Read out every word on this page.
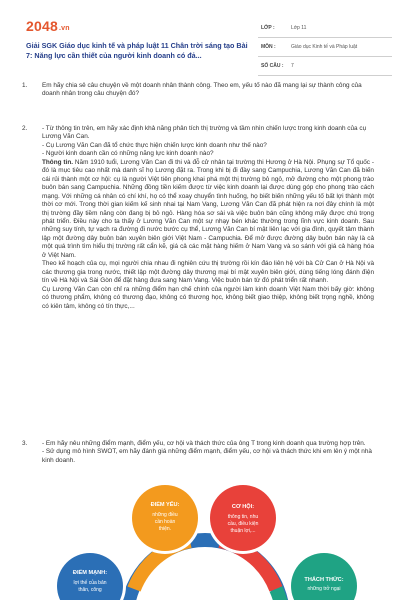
2048.vn
Giải SGK Giáo dục kinh tế và pháp luật 11 Chân trời sáng tạo Bài 7: Năng lực cần thiết của người kinh doanh có đả...
LỚP :	Lớp 11
MÔN :	Giáo dục Kinh tế và Pháp luật
SỐ CÂU : 7
1. Em hãy chia sẻ câu chuyện về một doanh nhân thành công. Theo em, yếu tố nào đã mang lại sự thành công của doanh nhân trong câu chuyện đó?
2. - Từ thông tin trên, em hãy xác định khả năng phân tích thị trường và tầm nhìn chiến lược trong kinh doanh của cụ Lương Văn Can.
- Cụ Lương Văn Can đã tổ chức thực hiện chiến lược kinh doanh như thế nào?
- Người kinh doanh cần có những năng lực kinh doanh nào?
Thông tin. Năm 1910 tuổi, Lương Văn Can đi thi và đỗ cử nhân tại trường thi Hương ở Hà Nội. Phụng sự Tổ quốc - đó là mục tiêu cao nhất mà danh sĩ họ Lương đặt ra. Trong khi bị đi đày sang Campuchia, Lương Văn Can đã biến cái rủi thành một cơ hội: cụ là người Việt tiên phong khai phá một thị trường bỏ ngỏ, mở đường cho một phong trào buôn bán sang Campuchia. Những đồng tiền kiếm được từ việc kinh doanh lại được dùng góp cho phong trào cách mạng. Với những cá nhân có chí khí, họ có thể xoay chuyển tình huống, họ biết biến những yếu tố bất lợi thành một thời cơ mới. Trong thời gian kiếm kế sinh nhai tại Nam Vang, Lương Văn Can đã phát hiện ra nơi đây chính là một thị trường đầy tiềm năng còn đang bị bỏ ngỏ. Hàng hóa sơ sài và việc buôn bán cũng không mấy được chú trọng phát triển. Điều này cho ta thấy ở Lương Văn Can một sự nhạy bén khác thường trong lĩnh vực kinh doanh. Sau những suy tính, tự vạch ra đường đi nước bước cụ thể, Lương Văn Can bí mật liên lạc với gia đình, quyết tâm thành lập một đường dây buôn bán xuyên biên giới Việt Nam - Campuchia. Để mở được đường dây buôn bán này là cả một quá trình tìm hiểu thị trường rất cẩn kẽ, giá cả các mặt hàng hiếm ở Nam Vang và so sánh với giá cả hàng hóa ở Việt Nam.
Theo kế hoạch của cụ, mọi người chia nhau đi nghiên cứu thị trường rồi kín đáo liên hệ với bà Cử Can ở Hà Nội và các thương gia trong nước, thiết lập một đường dây thương mại bí mật xuyên biên giới, dùng tiếng lóng đánh điện tín về Hà Nội và Sài Gòn để đặt hàng đưa sang Nam Vang. Việc buôn bán từ đó phát triển rất nhanh.
Cụ Lương Văn Can còn chỉ ra những điểm hạn chế chính của người làm kinh doanh Việt Nam thời bấy giờ: không có thương phẩm, không có thương đạo, không có thương học, không biết giao thiệp, không biết trọng nghề, không có kiên tâm, không có tín thực,...
3. - Em hãy nêu những điểm mạnh, điểm yếu, cơ hội và thách thức của ông T trong kinh doanh qua trường hợp trên.
- Sử dụng mô hình SWOT, em hãy đánh giá những điểm mạnh, điểm yếu, cơ hội và thách thức khi em lên ý một nhà kinh doanh.
ĐIỂM YẾU:
những điều
cần hoàn
thiện.
CƠ HỘI:
thông tin, nhu
cầu, điều kiện
thuận lợi,...
ĐIỂM MẠNH:
lợi thế của bản
thân, công
THÁCH THỨC:
những trở ngại
